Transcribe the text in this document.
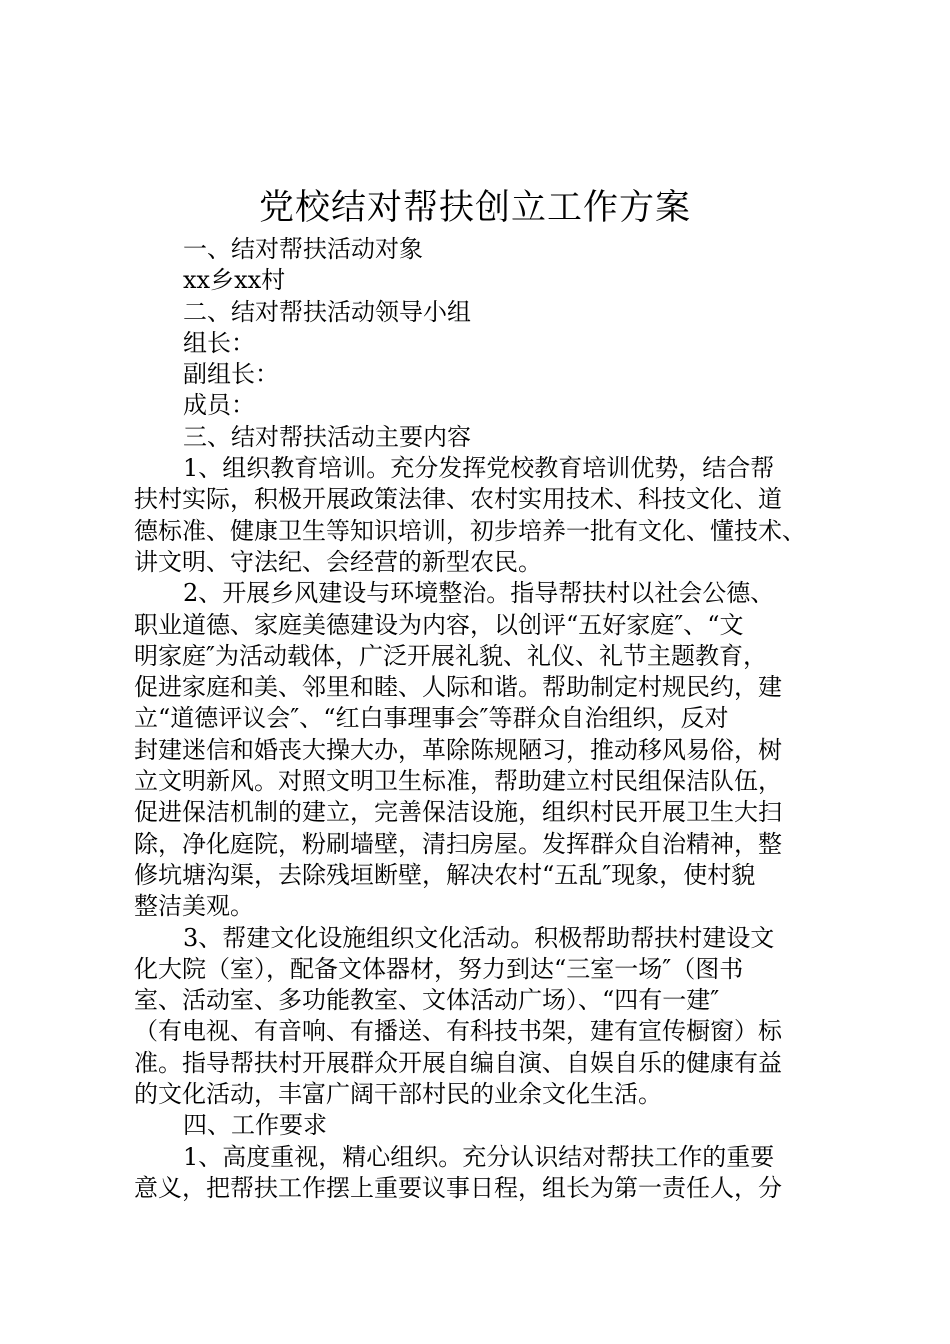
党校结对帮扶创立工作方案
一、结对帮扶活动对象
xx乡xx村
二、结对帮扶活动领导小组
组长：
副组长：
成员：
三、结对帮扶活动主要内容
1、组织教育培训。充分发挥党校教育培训优势，结合帮
扶村实际，积极开展政策法律、农村实用技术、科技文化、道
德标准、健康卫生等知识培训，初步培养一批有文化、懂技术、
讲文明、守法纪、会经营的新型农民。
2、开展乡风建设与环境整治。指导帮扶村以社会公德、
职业道德、家庭美德建设为内容，以创评“五好家庭″、“文
明家庭″为活动载体，广泛开展礼貌、礼仪、礼节主题教育，
促进家庭和美、邻里和睦、人际和谐。帮助制定村规民约，建
立“道德评议会″、“红白事理事会″等群众自治组织，反对
封建迷信和婚丧大操大办，革除陈规陋习，推动移风易俗，树
立文明新风。对照文明卫生标准，帮助建立村民组保洁队伍，
促进保洁机制的建立，完善保洁设施，组织村民开展卫生大扫
除，净化庭院，粉刷墙壁，清扫房屋。发挥群众自治精神，整
修坑塘沟渠，去除残垣断壁，解决农村“五乱″现象，使村貌
整洁美观。
3、帮建文化设施组织文化活动。积极帮助帮扶村建设文
化大院（室），配备文体器材，努力到达“三室一场″（图书
室、活动室、多功能教室、文体活动广场）、“四有一建″
（有电视、有音响、有播送、有科技书架，建有宣传橱窗）标
准。指导帮扶村开展群众开展自编自演、自娱自乐的健康有益
的文化活动，丰富广阔干部村民的业余文化生活。
四、工作要求
1、高度重视，精心组织。充分认识结对帮扶工作的重要
意义，把帮扶工作摆上重要议事日程，组长为第一责任人，分
